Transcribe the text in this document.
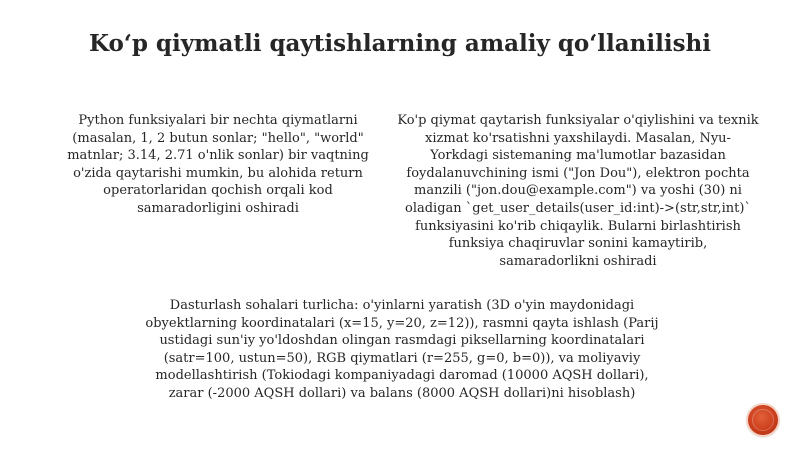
Ko‘p qiymatli qaytishlarning amaliy qo‘llanilishi

Python funksiyalari bir nechta qiymatlarni (masalan, 1, 2 butun sonlar; "hello", "world" matnlar; 3.14, 2.71 o'nlik sonlar) bir vaqtning o'zida qaytarishi mumkin, bu alohida return operatorlaridan qochish orqali kod samaradorligini oshiradi

Ko'p qiymat qaytarish funksiyalar o'qiylishini va texnik xizmat ko'rsatishni yaxshilaydi. Masalan, Nyu-Yorkdagi sistemaning ma'lumotlar bazasidan foydalanuvchining ismi ("Jon Dou"), elektron pochta manzili ("jon.dou@example.com") va yoshi (30) ni oladigan `get_user_details(user_id:int)->(str,str,int)` funksiyasini ko'rib chiqaylik. Bularni birlashtirish funksiya chaqiruvlar sonini kamaytirib, samaradorlikni oshiradi

Dasturlash sohalari turlicha: o'yinlarni yaratish (3D o'yin maydonidagi obyektlarning koordinatalari (x=15, y=20, z=12)), rasmni qayta ishlash (Parij ustidagi sun'iy yo'ldoshdan olingan rasmdagi piksellarning koordinatalari (satr=100, ustun=50), RGB qiymatlari (r=255, g=0, b=0)), va moliyaviy modellashtirish (Tokiodagi kompaniyadagi daromad (10000 AQSH dollari), zarar (-2000 AQSH dollari) va balans (8000 AQSH dollari)ni hisoblash)
